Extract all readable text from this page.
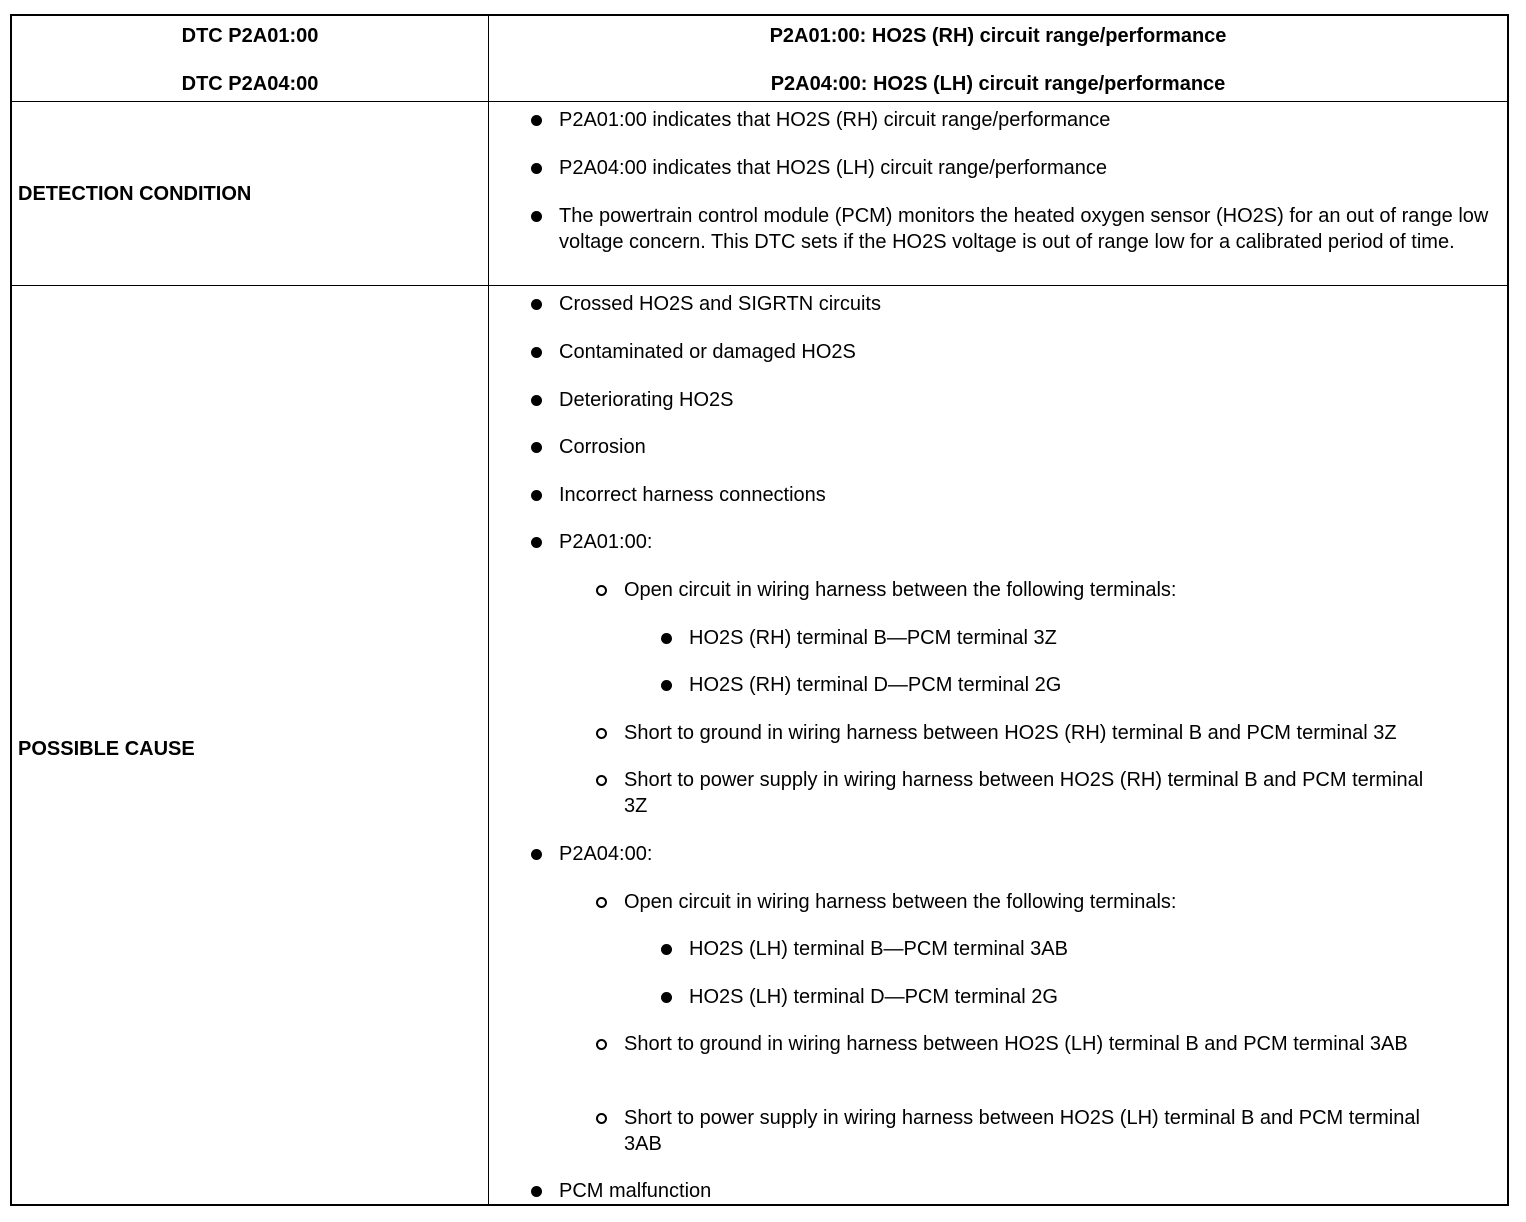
DTC P2A01:00
DTC P2A04:00
P2A01:00: HO2S (RH) circuit range/performance
P2A04:00: HO2S (LH) circuit range/performance
DETECTION CONDITION
P2A01:00 indicates that HO2S (RH) circuit range/performance
P2A04:00 indicates that HO2S (LH) circuit range/performance
The powertrain control module (PCM) monitors the heated oxygen sensor (HO2S) for an out of range low voltage concern. This DTC sets if the HO2S voltage is out of range low for a calibrated period of time.
POSSIBLE CAUSE
Crossed HO2S and SIGRTN circuits
Contaminated or damaged HO2S
Deteriorating HO2S
Corrosion
Incorrect harness connections
P2A01:00:
Open circuit in wiring harness between the following terminals:
HO2S (RH) terminal B—PCM terminal 3Z
HO2S (RH) terminal D—PCM terminal 2G
Short to ground in wiring harness between HO2S (RH) terminal B and PCM terminal 3Z
Short to power supply in wiring harness between HO2S (RH) terminal B and PCM terminal 3Z
P2A04:00:
Open circuit in wiring harness between the following terminals:
HO2S (LH) terminal B—PCM terminal 3AB
HO2S (LH) terminal D—PCM terminal 2G
Short to ground in wiring harness between HO2S (LH) terminal B and PCM terminal 3AB
Short to power supply in wiring harness between HO2S (LH) terminal B and PCM terminal 3AB
PCM malfunction
